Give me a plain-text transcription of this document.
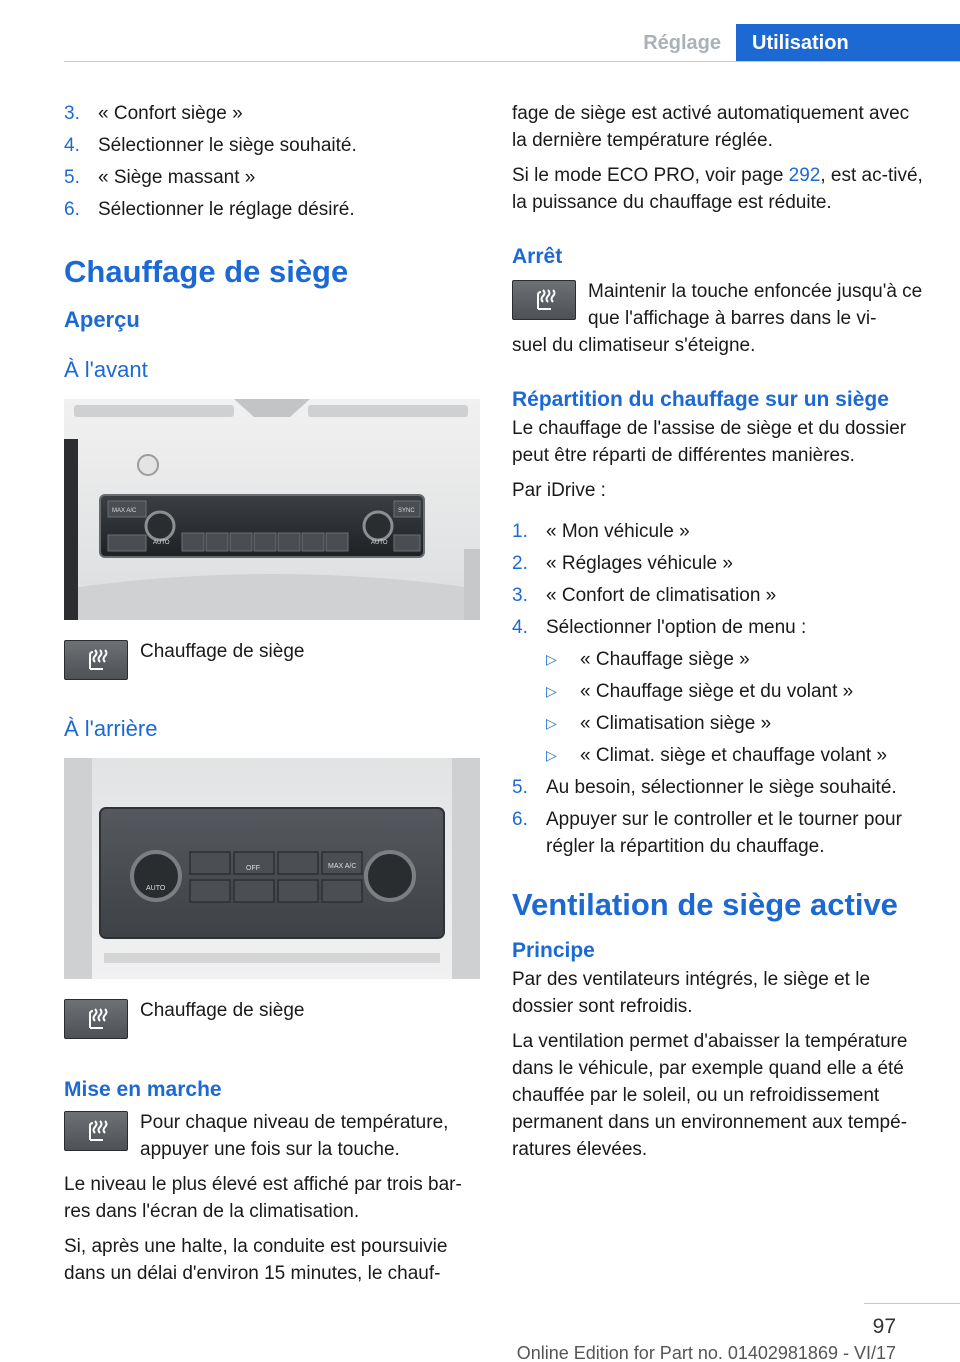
Réglage	Utilisation
3. « Confort siège »
4. Sélectionner le siège souhaité.
5. « Siège massant »
6. Sélectionner le réglage désiré.
Chauffage de siège
Aperçu
À l'avant
MAX A/C
AUTO	AUTO
SYNC
Chauffage de siège
À l'arrière
AUTO
OFF	MAX A/C
Chauffage de siège
Mise en marche
Pour chaque niveau de température, appuyer une fois sur la touche.
Le niveau le plus élevé est affiché par trois bar-res dans l'écran de la climatisation.
Si, après une halte, la conduite est poursuivie dans un délai d'environ 15 minutes, le chauf-
fage de siège est activé automatiquement avec la dernière température réglée.
Si le mode ECO PRO, voir page 292, est ac-tivé, la puissance du chauffage est réduite.
Arrêt
Maintenir la touche enfoncée jusqu'à ce que l'affichage à barres dans le vi-
suel du climatiseur s'éteigne.
Répartition du chauffage sur un siège
Le chauffage de l'assise de siège et du dossier peut être réparti de différentes manières.
Par iDrive :
1. « Mon véhicule »
2. « Réglages véhicule »
3. « Confort de climatisation »
4. Sélectionner l'option de menu :
▷	« Chauffage siège »
▷	« Chauffage siège et du volant »
▷	« Climatisation siège »
▷	« Climat. siège et chauffage volant »
5. Au besoin, sélectionner le siège souhaité.
6. Appuyer sur le controller et le tourner pour régler la répartition du chauffage.
Ventilation de siège active
Principe
Par des ventilateurs intégrés, le siège et le dossier sont refroidis.
La ventilation permet d'abaisser la température dans le véhicule, par exemple quand elle a été chauffée par le soleil, ou un refroidissement permanent dans un environnement aux tempé-ratures élevées.
97
Online Edition for Part no. 01402981869 - VI/17
